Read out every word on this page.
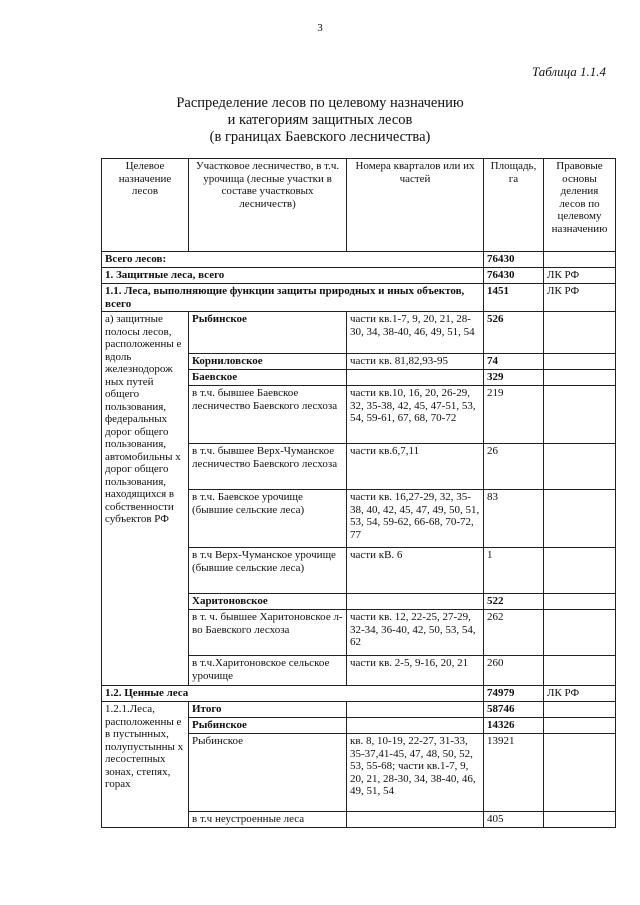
3
Таблица 1.1.4
Распределение лесов по целевому назначению
и категориям защитных лесов
(в границах Баевского лесничества)
Целевое назначение лесов	Участковое лесничество, в т.ч. урочища (лесные участки в составе участковых лесничеств)	Номера кварталов или их частей	Площадь, га	Правовые основы деления лесов по целевому назначению
Всего лесов:			76430	
1. Защитные леса, всего			76430	ЛК РФ
1.1. Леса, выполняющие функции защиты природных и иных объектов, всего			1451	ЛК РФ
а) защитные полосы лесов, расположенны е вдоль железнодорож ных путей общего пользования, федеральных дорог общего пользования, автомобильны х дорог общего пользования, находящихся в собственности субъектов РФ	Рыбинское	части кв.1-7, 9, 20, 21, 28-30, 34, 38-40, 46, 49, 51, 54	526	
	Корниловское	части кв. 81,82,93-95	74	
	Баевское		329	
	в т.ч. бывшее Баевское лесничество Баевского лесхоза	части кв.10, 16, 20, 26-29, 32, 35-38, 42, 45, 47-51, 53, 54, 59-61, 67, 68, 70-72	219	
	в т.ч. бывшее Верх-Чуманское лесничество Баевского лесхоза	части кв.6,7,11	26	
	в т.ч. Баевское урочище (бывшие сельские леса)	части кв. 16,27-29, 32, 35-38, 40, 42, 45, 47, 49, 50, 51, 53, 54, 59-62, 66-68, 70-72, 77	83	
	в т.ч Верх-Чуманское урочище (бывшие сельские леса)	части кВ. 6	1	
	Харитоновское		522	
	в т. ч. бывшее Харитоновское л-во Баевского лесхоза	части кв. 12, 22-25, 27-29, 32-34, 36-40, 42, 50, 53, 54, 62	262	
	в т.ч.Харитоновское сельское урочище	части кв. 2-5, 9-16, 20, 21	260	
1.2. Ценные леса			74979	ЛК РФ
1.2.1.Леса, расположенны е в пустынных, полупустынны х лесостепных зонах, степях, горах	Итого		58746	
	Рыбинское		14326	
	Рыбинское	кв. 8, 10-19, 22-27, 31-33, 35-37,41-45, 47, 48, 50, 52, 53, 55-68; части кв.1-7, 9, 20, 21, 28-30, 34, 38-40, 46, 49, 51, 54	13921	
	в т.ч неустроенные леса		405	
